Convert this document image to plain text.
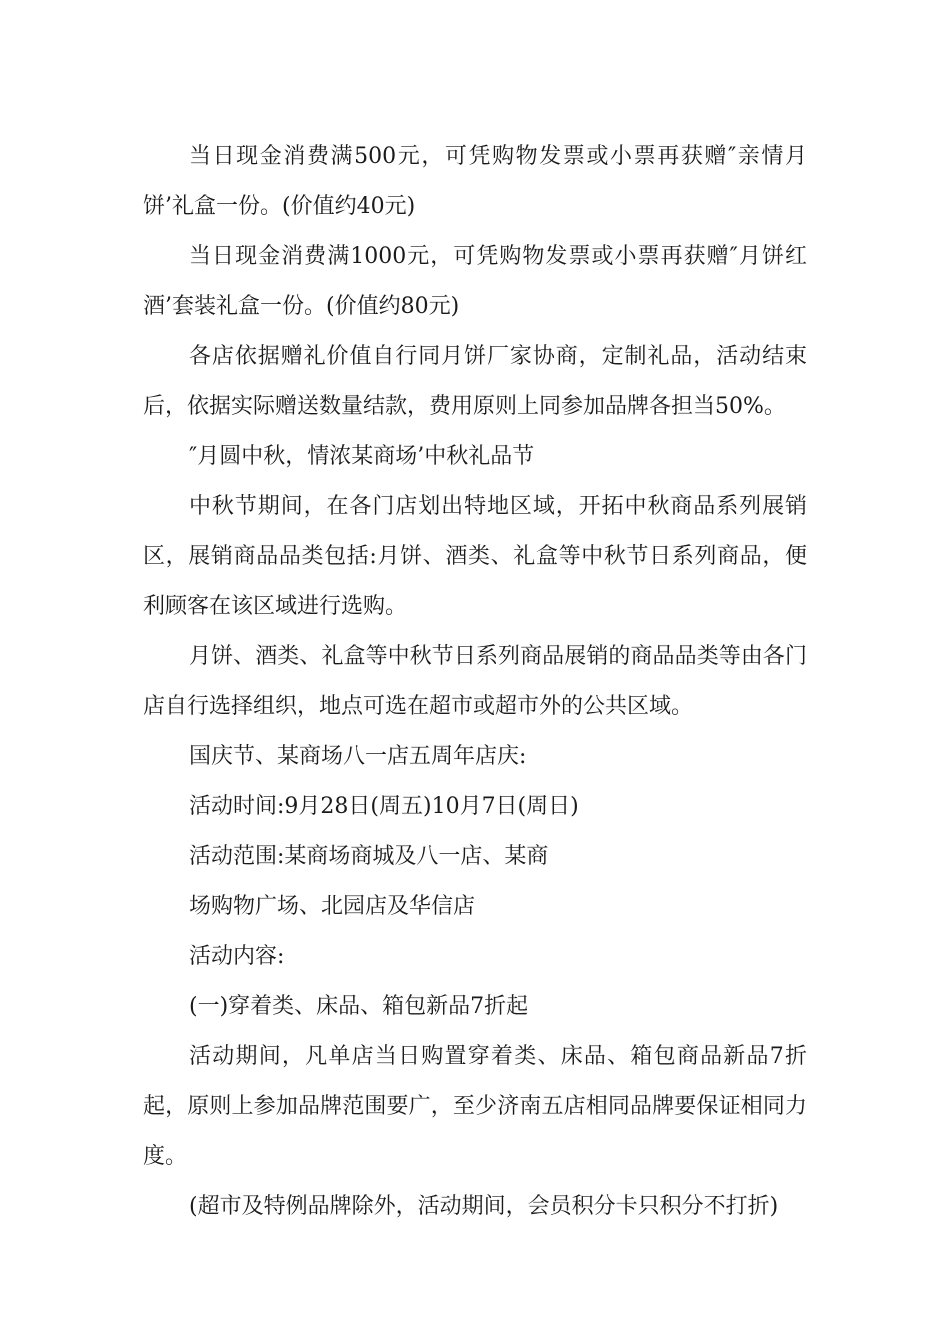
当日现金消费满500元，可凭购物发票或小票再获赠″亲情月饼’礼盒一份。(价值约40元)

当日现金消费满1000元，可凭购物发票或小票再获赠″月饼红酒’套装礼盒一份。(价值约80元)

各店依据赠礼价值自行同月饼厂家协商，定制礼品，活动结束后，依据实际赠送数量结款，费用原则上同参加品牌各担当50%。

″月圆中秋，情浓某商场’中秋礼品节

中秋节期间，在各门店划出特地区域，开拓中秋商品系列展销区，展销商品品类包括:月饼、酒类、礼盒等中秋节日系列商品，便利顾客在该区域进行选购。

月饼、酒类、礼盒等中秋节日系列商品展销的商品品类等由各门店自行选择组织，地点可选在超市或超市外的公共区域。

国庆节、某商场八一店五周年店庆:

活动时间:9月28日(周五)10月7日(周日)

活动范围:某商场商城及八一店、某商

场购物广场、北园店及华信店

活动内容:

(一)穿着类、床品、箱包新品7折起

活动期间，凡单店当日购置穿着类、床品、箱包商品新品7折起，原则上参加品牌范围要广，至少济南五店相同品牌要保证相同力度。

(超市及特例品牌除外，活动期间，会员积分卡只积分不打折)
